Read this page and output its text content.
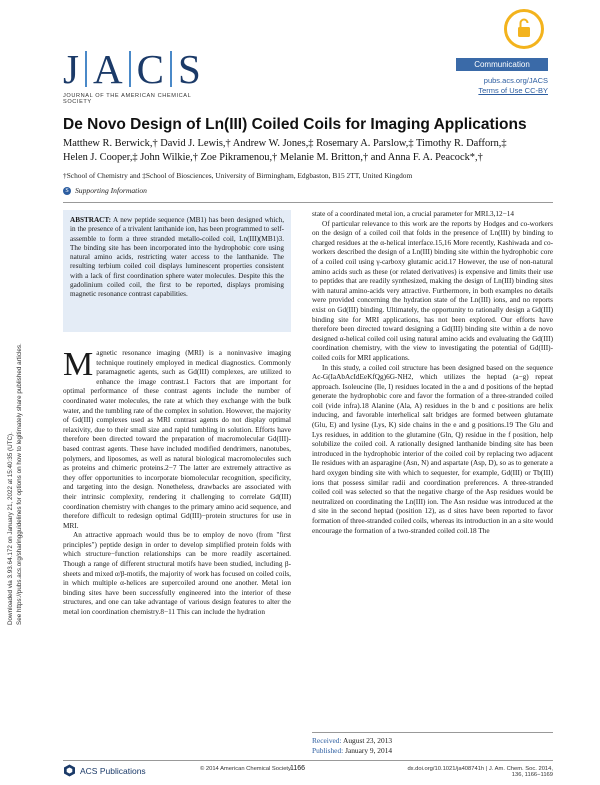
Downloaded via 3.93.64.172 on January 21, 2022 at 15:40:35 (UTC). See https://pubs.acs.org/sharingguidelines for options on how to legitimately share published articles.
J A C S
JOURNAL OF THE AMERICAN CHEMICAL SOCIETY
Communication
pubs.acs.org/JACS
Terms of Use CC-BY
De Novo Design of Ln(III) Coiled Coils for Imaging Applications
Matthew R. Berwick,† David J. Lewis,† Andrew W. Jones,‡ Rosemary A. Parslow,‡ Timothy R. Dafforn,‡
Helen J. Cooper,‡ John Wilkie,† Zoe Pikramenou,† Melanie M. Britton,† and Anna F. A. Peacock*,†
†School of Chemistry and ‡School of Biosciences, University of Birmingham, Edgbaston, B15 2TT, United Kingdom
S Supporting Information

ABSTRACT: A new peptide sequence (MB1) has been designed which, in the presence of a trivalent lanthanide ion, has been programmed to self-assemble to form a three stranded metallo-coiled coil, Ln(III)(MB1)3. The binding site has been incorporated into the hydrophobic core using natural amino acids, restricting water access to the lanthanide. The resulting terbium coiled coil displays luminescent properties consistent with a lack of first coordination sphere water molecules. Despite this the gadolinium coiled coil, the first to be reported, displays promising magnetic resonance contrast capabilities.

Magnetic resonance imaging (MRI) is a noninvasive imaging technique routinely employed in medical diagnostics. Commonly paramagnetic agents, such as Gd(III) complexes, are utilized to enhance the image contrast.1 Factors that are important for optimal performance of these contrast agents include the number of coordinated water molecules, the rate at which they exchange with the bulk water, and the tumbling rate of the complex in solution. However, the majority of Gd(III) complexes used as MRI contrast agents do not display optimal relaxivity, due to their small size and rapid tumbling in solution. Efforts have therefore been directed toward the preparation of macromolecular Gd(III)-based contrast agents. These have included modified dendrimers, nanotubes, polymers, and liposomes, as well as natural biological macromolecules such as proteins and chimeric proteins.2−7 The latter are extremely attractive as they offer opportunities to incorporate biomolecular recognition, specificity, and targeting into the design. Nonetheless, drawbacks are associated with their intrinsic complexity, rendering it challenging to correlate Gd(III) coordination chemistry with changes to the primary amino acid sequence, and therefore difficult to redesign optimal Gd(III)−protein structures for use in MRI.

An attractive approach would thus be to employ de novo (from "first principles") peptide design in order to develop simplified protein folds with which structure−function relationships can be more readily ascertained. Though a range of different structural motifs have been studied, including β-sheets and mixed α/β-motifs, the majority of work has focused on coiled coils, in which multiple α-helices are supercoiled around one another. Metal ion binding sites have been successfully engineered into the interior of these structures, and one can take advantage of various design features to alter the metal ion coordination chemistry.8−11 This can include the hydration

state of a coordinated metal ion, a crucial parameter for MRI.3,12−14

Of particular relevance to this work are the reports by Hodges and co-workers on the design of a coiled coil that folds in the presence of Ln(III) by binding to charged residues at the α-helical interface.15,16 More recently, Kashiwada and co-workers described the design of a Ln(III) binding site within the hydrophobic core of a coiled coil using γ-carboxy glutamic acid.17 However, the use of non-natural amino acids such as these (or related derivatives) is expensive and limits their use to peptides that are readily synthesized, making the design of Ln(III) binding sites with natural amino-acids very attractive. Furthermore, in both examples no details were provided concerning the hydration state of the Ln(III) ions, and no reports exist on Gd(III) binding. Ultimately, the opportunity to rationally design a Gd(III) binding site for MRI applications, has not been explored. Our efforts have therefore been directed toward designing a Gd(III) binding site within a de novo designed α-helical coiled coil using natural amino acids and evaluating the Gd(III) coordination chemistry, with the view to investigating the potential of Gd(III)-coiled coils for MRI applications.

In this study, a coiled coil structure has been designed based on the sequence Ac-G(IaAbAcIdEeKfQg)6G-NH2, which utilizes the heptad (a−g) repeat approach. Isoleucine (Ile, I) residues located in the a and d positions of the heptad generate the hydrophobic core and favor the formation of a three-stranded coiled coil (vide infra).18 Alanine (Ala, A) residues in the b and c positions are helix inducing, and favorable interhelical salt bridges are formed between glutamate (Glu, E) and lysine (Lys, K) side chains in the e and g positions.19 The Glu and Lys residues, in addition to the glutamine (Gln, Q) residue in the f position, help solubilize the coiled coil. A rationally designed lanthanide binding site has been introduced in the hydrophobic interior of the coiled coil by replacing two adjacent Ile residues with an asparagine (Asn, N) and aspartate (Asp, D), so as to generate a hard oxygen binding site with which to sequester, for example, Gd(III) or Tb(III) ions that possess similar radii and coordination preferences. A three-stranded coiled coil was selected so that the negative charge of the Asp residues would be neutralized on coordinating the Ln(III) ion. The Asn residue was introduced at the d site in the second heptad (position 12), as d sites have been reported to favor formation of three-stranded coiled coils, whereas its introduction in an a site would encourage the formation of a two-stranded coiled coil.18 The

Received: August 23, 2013
Published: January 9, 2014
ACS Publications	© 2014 American Chemical Society 1166	dx.doi.org/10.1021/ja408741h | J. Am. Chem. Soc. 2014, 136, 1166−1169
